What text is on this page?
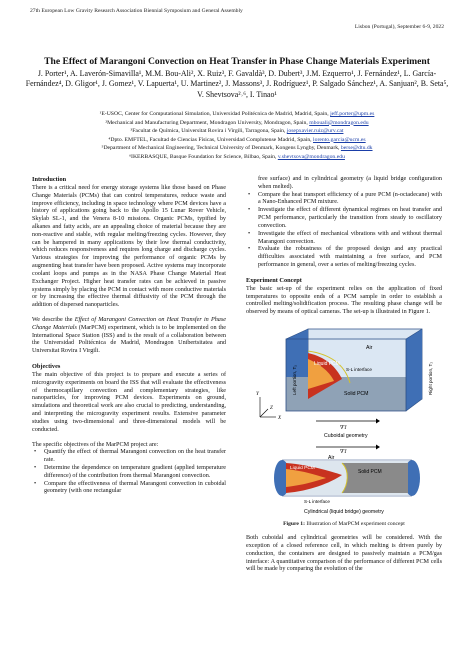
27th European Low Gravity Research Association Biennial Symposium and General Assembly
Lisbon (Portugal), September 6-9, 2022
The Effect of Marangoni Convection on Heat Transfer in Phase Change Materials Experiment
J. Porter¹, A. Laverón-Simavilla¹, M.M. Bou-Ali², X. Ruiz³, F. Gavaldà³, D. Dubert³, J.M. Ezquerro¹, J. Fernández¹, L. García-Fernández⁴, D. Gligor¹, J. Gomez¹, V. Lapuerta¹, U. Martinez², J. Massons³, J. Rodríguez¹, P. Salgado Sánchez¹, A. Sanjuan², B. Seta⁵, V. Shevtsova²˒⁶, I. Tinao¹
¹E-USOC, Center for Computational Simulation, Universidad Politécnica de Madrid, Madrid, Spain, jeff.porter@upm.es
²Mechanical and Manufacturing Department, Mondragon University, Mondragon, Spain, mbouali@mondragon.edu
³Facultat de Química, Universitat Rovira i Virgili, Tarragona, Spain, josepxavier.ruiz@urv.cat
⁴Dpto. EMFTEL, Facultad de Ciencias Físicas, Universidad Complutense Madrid, Spain, lorento.garcia@ucm.es
⁵Department of Mechanical Engineering, Technical University of Denmark, Kongens Lyngby, Denmark, berse@dtu.dk
⁶IKERBASQUE, Basque Foundation for Science, Bilbao, Spain, v.shevtsova@mondragon.edu
Introduction

There is a critical need for energy storage systems like those based on Phase Change Materials (PCMs) that can control temperatures, reduce waste and improve efficiency, including in space technology where PCM devices have a history of applications going back to the Apollo 15 Lunar Rover Vehicle, Skylab SL-1, and the Venera 8-10 missions. Organic PCMs, typified by alkanes and fatty acids, are an appealing choice of material because they are non-reactive and stable, with regular melting/freezing cycles. However, they can be hampered in many applications by their low thermal conductivity, which reduces responsiveness and requires long charge and discharge cycles. Various strategies for improving the performance of organic PCMs by augmenting heat transfer have been proposed. Active systems may incorporate coolant loops and pumps as in the NASA Phase Change Material Heat Exchanger Project. Higher heat transfer rates can be achieved in passive systems simply by placing the PCM in contact with more conductive materials or by increasing the effective thermal diffusivity of the PCM through the addition of dispersed nanoparticles.

We describe the Effect of Marangoni Convection on Heat Transfer in Phase Change Materials (MarPCM) experiment, which is to be implemented on the International Space Station (ISS) and is the result of a collaboration between the Universidad Politécnica de Madrid, Mondragon Unibertsitatea and Universitat Rovira I Virgili.

Objectives

The main objective of this project is to prepare and execute a series of microgravity experiments on board the ISS that will evaluate the effectiveness of thermocapillary convection and complementary strategies, like nanoparticles, for improving PCM devices. Experiments on ground, simulations and theoretical work are also crucial to predicting, understanding, and interpreting the microgravity experiment results. Extensive parameter studies using two-dimensional and three-dimensional models will be conducted.

The specific objectives of the MarPCM project are:

• Quantify the effect of thermal Marangoni convection on the heat transfer rate.
• Determine the dependence on temperature gradient (applied temperature difference) of the contribution from thermal Marangoni convection.
• Compare the effectiveness of thermal Marangoni convection in cuboidal geometry (with one rectangular

free surface) and in cylindrical geometry (a liquid bridge configuration when melted).

• Compare the heat transport efficiency of a pure PCM (n-octadecane) with a Nano-Enhanced PCM mixture.
• Investigate the effect of different dynamical regimes on heat transfer and PCM performance, particularly the transition from steady to oscillatory convection.
• Investigate the effect of mechanical vibrations with and without thermal Marangoni convection.
• Evaluate the robustness of the proposed design and any practical difficulties associated with maintaining a free surface, and PCM performance in general, over a series of melting/freezing cycles.
Experiment Concept

The basic set-up of the experiment relies on the application of fixed temperatures to opposite ends of a PCM sample in order to establish a controlled melting/solidification process. The resulting phase change will be observed by means of optical cameras. The set-up is illustrated in Figure 1.

Air
Liquid PCM
S-L interface
Solid PCM
Left portion, T₁	Right portion, T₂
X
Y
Z
∇T
Cuboidal geometry
∇T
Air
Liquid PCM
Solid PCM
S-L interface
Cylindrical (liquid bridge) geometry
Figure 1: Illustration of MarPCM experiment concept

Both cuboidal and cylindrical geometries will be considered. With the exception of a closed reference cell, in which melting is driven purely by conduction, the containers are designed to passively maintain a PCM/gas interface: A quantitative comparison of the performance of different PCM cells will be made by comparing the evolution of the
